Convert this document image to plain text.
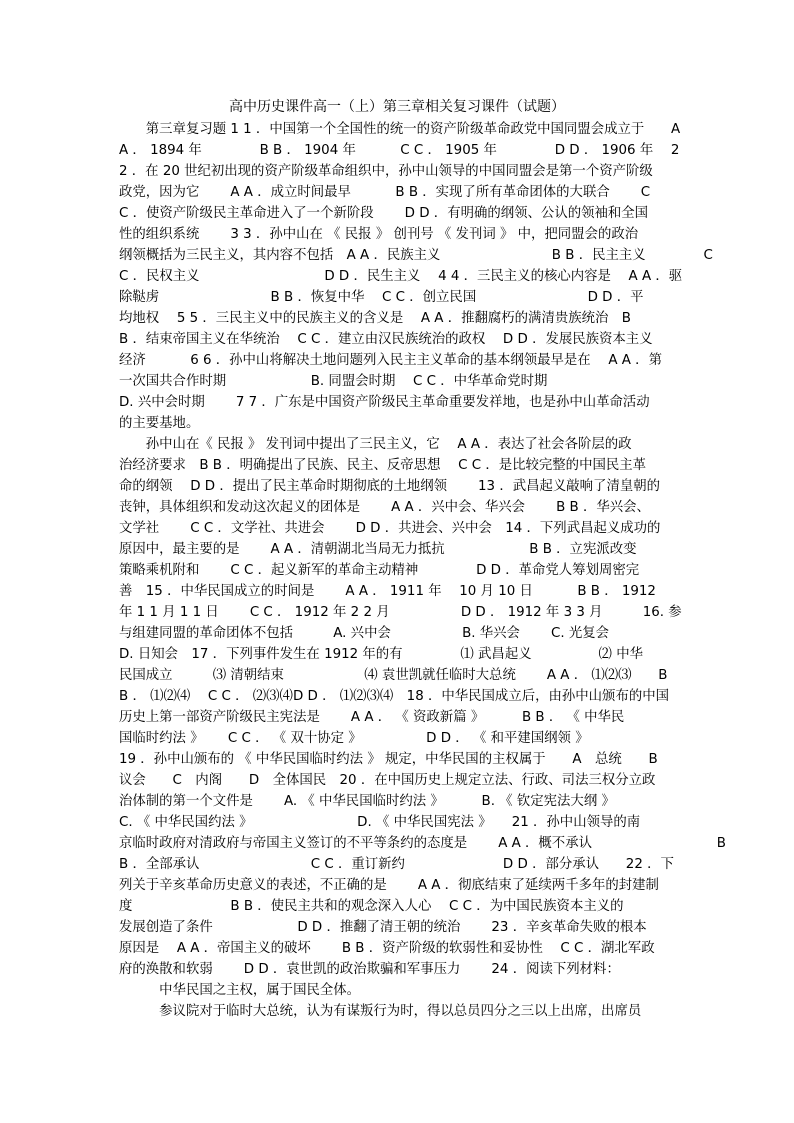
高中历史课件高一（上）第三章相关复习课件（试题）
　　第三章复习题 1 1 ．中国第一个全国性的统一的资产阶级革命政党中国同盟会成立于　　A
A ． 1894 年　　　　 B B ． 1904 年　　　 C C ． 1905 年　　　　 D D ． 1906 年　 2
2 ．在 20 世纪初出现的资产阶级革命组织中，孙中山领导的中国同盟会是第一个资产阶级
政党，因为它　　 A A ．成立时间最早　　　 B B ．实现了所有革命团体的大联合　　 C
C ．使资产阶级民主革命进入了一个新阶段　　 D D ．有明确的纲领、公认的领袖和全国
性的组织系统　　 3 3 ．孙中山在 《 民报 》 创刊号 《 发刊词 》 中，把同盟会的政治
纲领概括为三民主义，其内容不包括　A A ．民族主义　　　　　　　　 B B ．民主主义　　　　 C
C ．民权主义　　　　　　　　　 D D ．民生主义　 4 4 ．三民主义的核心内容是　 A A ．驱
除鞑虏　　　　　　　　 B B ．恢复中华　 C C ．创立民国　　　　　　　　 D D ．平
均地权　 5 5 ．三民主义中的民族主义的含义是　 A A ．推翻腐朽的满清贵族统治　B
B ．结束帝国主义在华统治　 C C ．建立由汉民族统治的政权　 D D ．发展民族资本主义
经济　　　 6 6 ．孙中山将解决土地问题列入民主主义革命的基本纲领最早是在　 A A ．第
一次国共合作时期　　　　　　 B. 同盟会时期　 C C ．中华革命党时期
D. 兴中会时期　　 7 7 ．广东是中国资产阶级民主革命重要发祥地，也是孙中山革命活动
的主要基地。
　　孙中山在《 民报 》 发刊词中提出了三民主义，它　 A A ．表达了社会各阶层的政
治经济要求　B B ．明确提出了民族、民主、反帝思想　 C C ．是比较完整的中国民主革
命的纲领　 D D ．提出了民主革命时期彻底的土地纲领　　 13 ．武昌起义敲响了清皇朝的
丧钟，具体组织和发动这次起义的团体是　　 A A ．兴中会、华兴会　　 B B ．华兴会、
文学社　　 C C ．文学社、共进会　　 D D ．共进会、兴中会　14 ．下列武昌起义成功的
原因中，最主要的是　　 A A ．清朝湖北当局无力抵抗　　　　　　 B B ．立宪派改变
策略乘机附和　　 C C ．起义新军的革命主动精神　　　　 D D ．革命党人筹划周密完
善　15 ．中华民国成立的时间是　　 A A ． 1911 年　 10 月 10 日　　　 B B ． 1912
年 1 1 月 1 1 日　　 C C ． 1912 年 2 2 月　　　　　 D D ． 1912 年 3 3 月　　　16. 参
与组建同盟的革命团体不包括　　　A. 兴中会　　　　　 B. 华兴会　　 C. 光复会
D. 日知会　17 ．下列事件发生在 1912 年的有　　　　 ⑴ 武昌起义　　　　　⑵ 中华
民国成立　　　⑶ 清朝结束　　　　　　⑷ 袁世凯就任临时大总统　　 A A ． ⑴⑵⑶　　B
B ． ⑴⑵⑷　 C C ． ⑵⑶⑷D D ． ⑴⑵⑶⑷　18 ．中华民国成立后，由孙中山颁布的中国
历史上第一部资产阶级民主宪法是　　 A A ． 《 资政新篇 》　　　 B B ． 《 中华民
国临时约法 》　　 C C ． 《 双十协定 》　　　　　 D D ． 《 和平建国纲领 》
19 ．孙中山颁布的 《 中华民国临时约法 》 规定，中华民国的主权属于　　A　总统　　B
议会　　C　内阁　　D　全体国民　20 ．在中国历史上规定立法、行政、司法三权分立政
治体制的第一个文件是　　 A. 《 中华民国临时约法 》　　　 B. 《 钦定宪法大纲 》
C. 《 中华民国约法 》　　　　　　　　 D. 《 中华民国宪法 》　　21 ．孙中山领导的南
京临时政府对清政府与帝国主义签订的不平等条约的态度是　　 A A ．概不承认　　　　　　　　　 B
B ．全部承认　　　　　　　　 C C ．重订新约　　　　　　　 D D ．部分承认　　22 ．下
列关于辛亥革命历史意义的表述，不正确的是　　 A A ．彻底结束了延续两千多年的封建制
度　　　　　　　 B B ．使民主共和的观念深入人心　 C C ．为中国民族资本主义的
发展创造了条件　　　　　　 D D ．推翻了清王朝的统治　　 23 ．辛亥革命失败的根本
原因是　 A A ．帝国主义的破坏　　 B B ．资产阶级的软弱性和妥协性　 C C ．湖北军政
府的涣散和软弱　　 D D ．袁世凯的政治欺骗和军事压力　　 24 ．阅读下列材料：
　　　中华民国之主权，属于国民全体。
　　　参议院对于临时大总统，认为有谋叛行为时，得以总员四分之三以上出席，出席员
